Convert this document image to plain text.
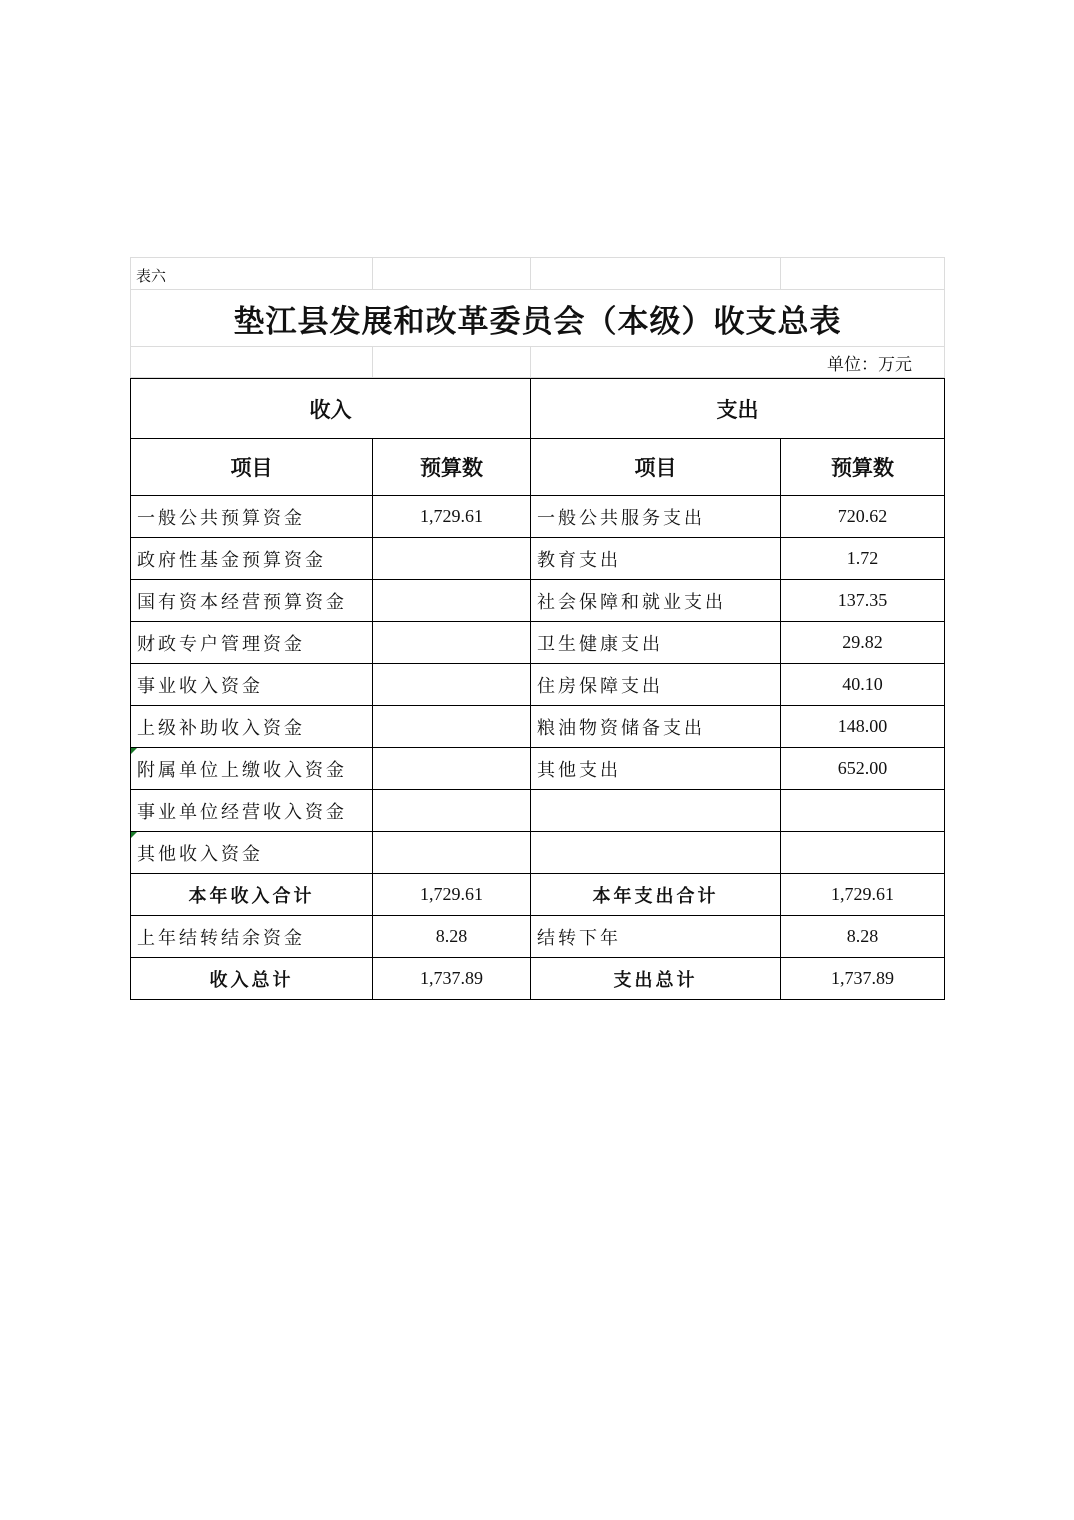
表六			
垫江县发展和改革委员会（本级）收支总表			
		单位：万元	
收入		支出	
项目	预算数	项目	预算数
一般公共预算资金	1,729.61	一般公共服务支出	720.62
政府性基金预算资金		教育支出	1.72
国有资本经营预算资金		社会保障和就业支出	137.35
财政专户管理资金		卫生健康支出	29.82
事业收入资金		住房保障支出	40.10
上级补助收入资金		粮油物资储备支出	148.00
附属单位上缴收入资金		其他支出	652.00
事业单位经营收入资金			
其他收入资金			
本年收入合计	1,729.61	本年支出合计	1,729.61
上年结转结余资金	8.28	结转下年	8.28
收入总计	1,737.89	支出总计	1,737.89
